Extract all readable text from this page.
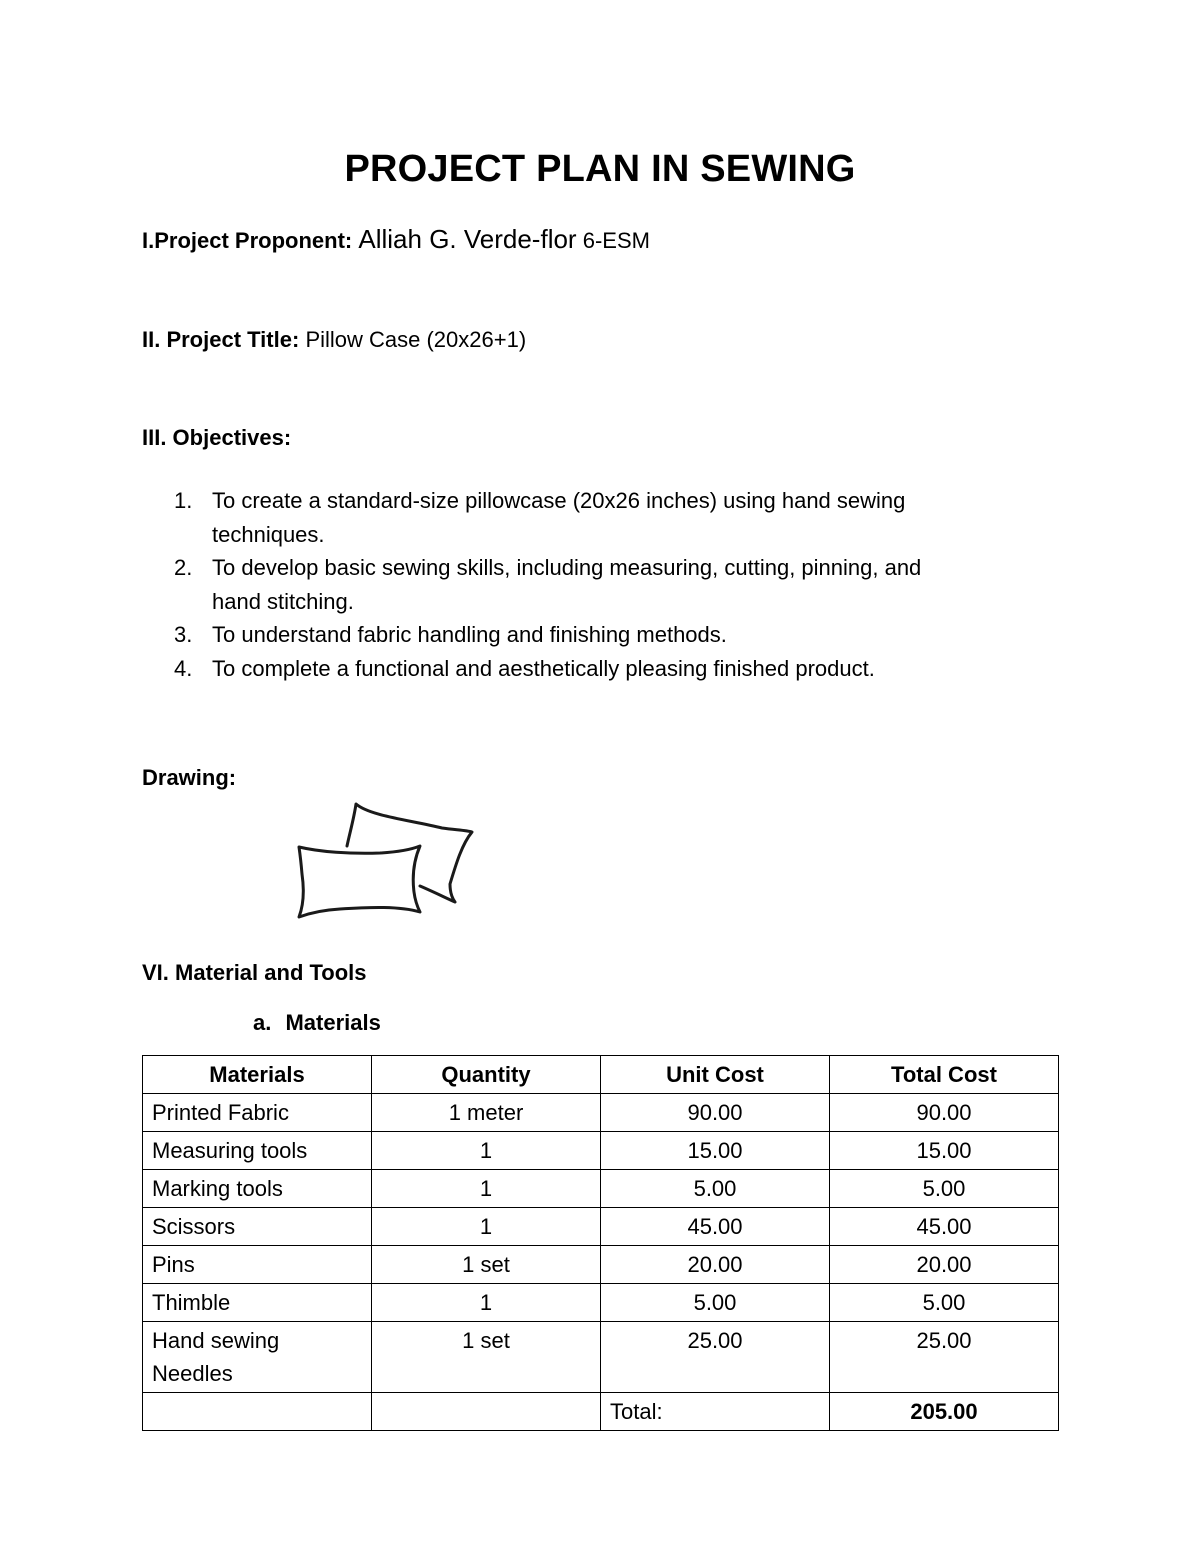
PROJECT PLAN IN SEWING
I.Project Proponent: Alliah G. Verde-flor 6-ESM
II. Project Title: Pillow Case (20x26+1)
III. Objectives:
1. To create a standard-size pillowcase (20x26 inches) using hand sewing
techniques.
2. To develop basic sewing skills, including measuring, cutting, pinning, and
hand stitching.
3. To understand fabric handling and finishing methods.
4. To complete a functional and aesthetically pleasing finished product.
Drawing:
VI. Material and Tools
a. Materials
Materials	Quantity	Unit Cost	Total Cost
Printed Fabric	1 meter	90.00	90.00
Measuring tools	1	15.00	15.00
Marking tools	1	5.00	5.00
Scissors	1	45.00	45.00
Pins	1 set	20.00	20.00
Thimble	1	5.00	5.00

Hand sewing
Needles	1 set	25.00	25.00
		Total:	205.00
